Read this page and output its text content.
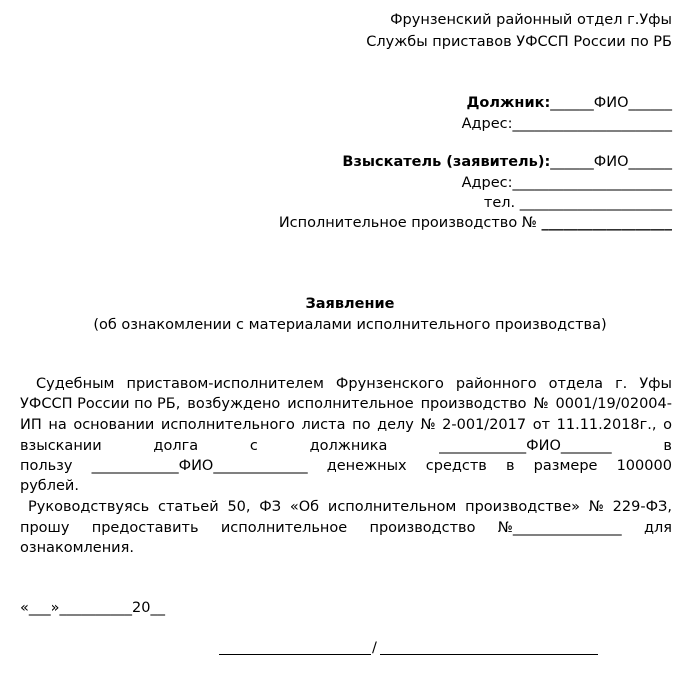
Фрунзенский районный отдел г.Уфы
Службы приставов УФССП России по РБ
Должник:______ФИО______
Адрес:______________________
Взыскатель (заявитель):______ФИО______
Адрес:______________________
тел. _____________________
Исполнительное производство № __________________
Заявление
(об ознакомлении с материалами исполнительного производства)
Судебным приставом-исполнителем Фрунзенского районного отдела г. Уфы
УФССП России по РБ, возбуждено исполнительное производство № 0001/19/02004-
ИП на основании исполнительного листа по делу № 2-001/2017 от 11.11.2018г., о
взыскании	долга	с	должника	____________ФИО_______	в
пользу ____________ФИО_____________ денежных средств в размере 100000
рублей.
Руководствуясь статьей 50, ФЗ «Об исполнительном производстве» № 229-ФЗ,
прошу предоставить исполнительное производство №_______________ для
ознакомления.
«___»__________20__
/
